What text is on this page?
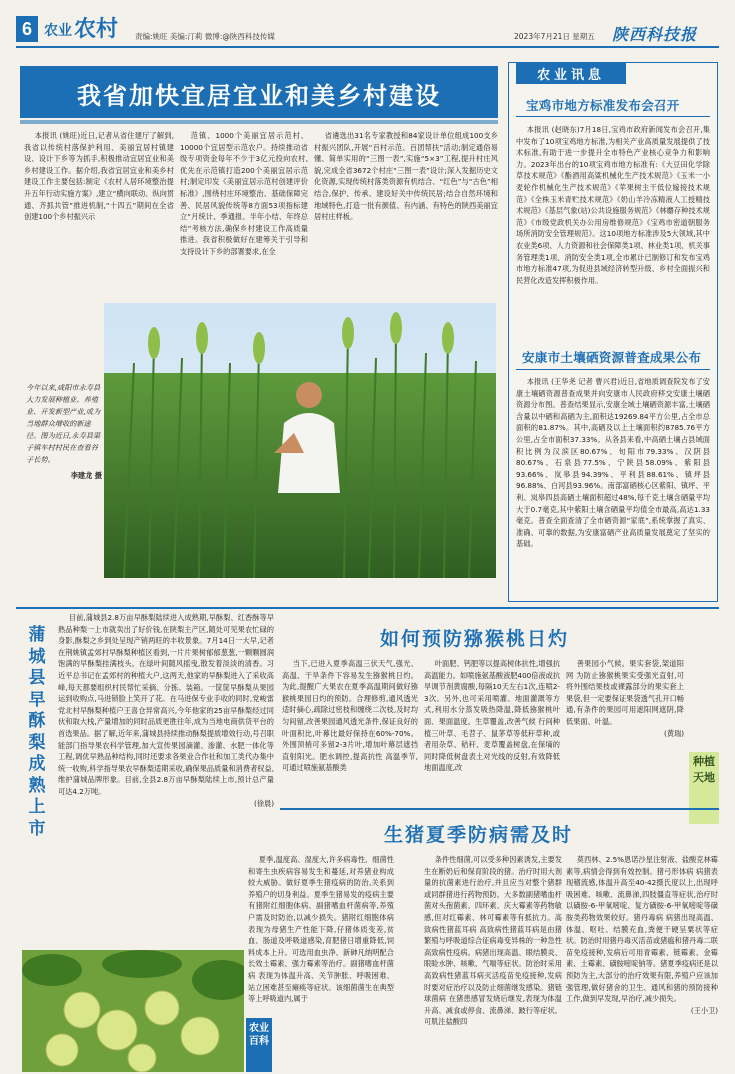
6 农业 农村 责编:姚旺 美编:汀莉 微博:@陕西科技传媒	2023年7月21日 星期五 陕西科技报
我省加快宜居宜业和美乡村建设

本报讯 (姚旺)近日,记者从省住建厅了解到,我省以传统村落保护利用、美丽宜居村镇建设、设计下乡等为抓手,积极推动宜居宜业和美乡村建设工作。据介绍,我省宜居宜业和美乡村建设工作主要包括:制定《农村人居环境整治提升五年行动实施方案》,建立“横向联动、纵向贯通、齐抓共管”推进机制,“十四五”期间在全省创建100个乡村振兴示

范镇、1000个美丽宜居示范村、10000个宜居型示范农户。持续推动省级专项资金每年不少于3亿元投向农村,优先在示范镇打造200个美丽宜居示范村;制定印发《美丽宜居示范村创建评价标准》,围绕村庄环境整治、基础保障完善、民居风貌传统等8方面53项指标建立“月统计、季通报、半年小结、年终总结”考核方法,确保乡村建设工作高质量推进。我省积极做好在建筹关于引导和支持设计下乡的部署要求,在全

省遴选出31名专家教授和84家设计单位组成100支乡村振兴团队,开展“百村示范、百团帮扶”活动;制定通俗易懂、简单实用的“三图一表”,实施“5×3”工程,提升村庄风貌,完成全省3672个村庄“三图一表”设计;深入发掘历史文化资源,实现传统村落类资源有机结合、“红色”与“古色”相结合,保护、传承、建设好关中传统民居;结合自然环境和地域特色,打造一批有颜值、有内涵、有特色的陕西美丽宜居村庄样板。

今年以来,咸阳市永寿县大力发展种植业、养殖业、开发新型产业,成为当地群众增收的新途径。图为近日,永寿县渠子镇车村村民在查看谷子长势。
李建龙 摄
农业讯息
宝鸡市地方标准发布会召开

本报讯 (赵晓东)7月18日,宝鸡市政府新闻发布会召开,集中发布了10项宝鸡地方标准,为相关产业高质量发展提供了技术标准,有助于进一步提升全市特色产业核心竞争力和影响力。2023年出台的10项宝鸡市地方标准有:《大豆田化学除草技术规范》《酯酒用高粱机械化生产技术规范》《玉米一小麦轮作机械化生产技术规范》《苹果树主干低位嫁接技术规范》《全株玉米青贮技术规范》《奶山羊冷冻精液人工授精技术规范》《基层气象(站)公共设施服务规范》《林麝存种技术规范》《市级党政机关办公用房维修规范》《宝鸡市密道朝服务场所消防安全管理规范》。这10项地方标准涉及5大领域,其中农业类6项、人力资源和社会保障类1项、林业类1项、机关事务管理类1项、消防安全类1项,全市累计已制修订和发布宝鸡市地方标准47项,为促进县域经济转型升级、乡村全面振兴和民营化改造发挥积极作用。

安康市土壤硒资源普查成果公布

本报讯 (王华尧 记者 曹兴君)近日,省地质调查院发布了安康土壤硒资源普查成果并向安康市人民政府移交安康土壤硒资源分布图。普查结果显示,安康全域土壤硒资源丰富,土壤硒含量以中硒和高硒为主,面积达19269.84平方公里,占全市总面积的81.87%。其中,高硒及以上土壤面积约8785.76平方公里,占全市面积37.33%。从各县来看,中高硒土壤占县域面积比例为汉滨区80.67%、旬阳市79.33%、汉阴县80.67%、石泉县77.5%、宁陕县58.09%、紫阳县93.66%、岚皋县94.39%、平利县88.61%、镇坪县96.88%、白河县93.96%。南部富硒核心区紫阳、镇坪、平利、岚皋四县高硒土壤面积超过48%,每千克土壤含硒量平均大于0.7毫克,其中紫阳土壤含硒量平均值全市最高,高达1.33毫克。普查全面查清了全市硒资源“家底”,系统掌握了真实、准确、可靠的数据,为安康富硒产业高质量发展奠定了坚实的基础。

蒲城县早酥梨成熟上市

目前,蒲城县2.8万亩早酥梨陆续进入成熟期,早酥梨、红香酥等早熟品种梨一上市就卖出了好价钱,在陕梨主产区,随处可见果农忙碌的身影,酥梨之乡到处呈现产销两旺的丰收景象。7月14日一大早,记者在荆姚镇孟郊村早酥梨种植区看到,一片片果树郁郁葱葱,一颗颗圆润饱满的早酥梨挂满枝头。在绿叶间随风摇曳,散发着淡淡的清香。习近平总书记在孟郊村的种植大户,这两天,他家的早酥梨进入了采收高峰,每天都要组织村民帮忙采摘、分拣、装箱。一筐筐早酥梨从果园运到收购点,马进锁脸上笑开了花。在马进保专业手收的同时,党峻雷党北村早酥梨种植户王喜仓异常高兴,今年他家的25亩早酥梨经过同伙和取大栈,产量增加的同时品质更胜往年,成为当地电商供货平台的首选果品。据了解,近年来,蒲城县持续推动酥梨提质增效行动,号召职能部门指导果农科学管理,加大宣传果园滴灌、渗灌、水肥一体化等工程,调优早熟品种结构,同时还要求各果业合作社和加工类代办集中统一收购,科学指导果农早酥梨适期采收,确保果品质量和消费者权益,维护蒲城品牌形象。目前,全县2.8万亩早酥梨陆续上市,预计总产量可达4.2万吨。

(徐晨)

如何预防猕猴桃日灼

当下,已进入夏季高温三伏天气,强光、高温、干旱条件下容易发生猕猴桃日灼。为此,提醒广大果农在夏季高温期间做好猕猴桃果园日灼的预防。合理修剪,通风透光 适时摘心,疏除过密枝和缠绕二次枝,及时均匀间留,改善果园通风透光条件,保证良好的叶面积比,叶幕比最好保持在60%-70%。外围顶梢可多留2-3片叶,增加叶幕层遮挡直射阳光。肥水调控,提高抗性 高温季节,可通过喷施氨基酸类

叶面肥、钙肥等以提高树体抗性,增强抗高温能力。如喷施氨基酸液肥400倍液或抗旱调节剂黄腐酸,每隔10天左右1次,连喷2-3次。另外,也可采用喷灌、地面灌溉等方式,利用水分蒸发吸热降温,降低猕猴桃叶面、果面温度。生草覆盖,改善气候 行间种植三叶草、毛苕子、鼠茅草等低秆草种,或者用杂草、秸秆、麦草覆盖树盘,在保墒的同时降低树盘表土对光线的反射,有效降低地面温度,改

善果园小气候。果实套袋,架道阳网 为防止猕猴桃果实受强光直射,可将外围结果枝或裸露部分的果实套上果袋,但一定要保证果袋透气孔开口畅通,有条件的果园可用遮阳网遮阴,降低果面、叶温。

(黄瑞)

种植天地
生猪夏季防病需及时

夏季,温度高、湿度大,许多病毒性、细菌性和寄生虫疾病容易发生和蔓延,对养猪业构成较大威胁。做好夏季生猪疫病的防治,关系到养殖户的切身利益。夏季生猪易发的疫病主要有猪附红细胞体病、副猪嗜血杆菌病等,养殖户需及时防治,以减少损失。猪附红细胞体病 表现为母猪生产性能下降,仔猪体质变差,贫血、肠道及呼吸道感染,育肥猪日增重降低,饲料成本上升。可选用血虫净、新砷凡纳明配合长效土霉素、强力霉素等治疗。副猪嗜血杆菌病 表现为体温升高、关节肿胀、呼吸困难、站立困难甚至瘫痪等症状。该细菌菌生在典型等上呼吸道内,属于

条件性细菌,可以受多种因素诱发,主要发生在断奶后和保育阶段的猪。治疗时用大剂量的抗菌素进行治疗,并且应当对整个猪群或同群猪进行药物预防。大多数副猪嗜血杆菌对头孢菌素、四环素、庆大霉素等药物敏感,但对红霉素、林可霉素等有抵抗力。高致病性猪蓝耳病 高致病性猪蓝耳病是由猪繁殖与呼吸道综合征病毒变异株的一种急性高致病性疫病。病猪出现高温、眼结膜炎、眼睑水肿、咳嗽、气喘等症状。防治时采用高致病性猪蓝耳病灭活疫苗免疫接种,发病时要对症治疗以及防止细菌继发感染。猪链球菌病 在猪患感冒发烧后继发,表现为体温升高、减食或停食、流鼻涕、跛行等症状。可肌注盐酸四

莫西林、2.5%恩诺沙星注射液、盐酸克林霉素等,病情会得到有效控制。猪弓形体病 病猪表现稽流感,体温升高至40-42摄氏度以上,出现呼吸困难、咳嗽、流鼻涕,四肢僵直等症状,治疗时以磺胺-6-甲氧嘧啶、复方磺胺-6-甲氧嘧啶等磺胺类药物效果较好。猪丹毒病 病猪出现高温、体温、呕吐、结膜充血,粪便干硬呈粟状等症状。防治时用猪丹毒灭活苗或猪瘟和猪丹毒二联苗免疫接种,发病后可用青霉素、链霉素、金霉素、土霉素、磺胺嘧啶钠等。猪夏季疫病还是以预防为主,大部分的治疗效果有限,养殖户应该加强管理,做好猪舍的卫生、通风和猪的预防接种工作,做到早发现,早治疗,减少损失。

(王小卫)

农业百科
